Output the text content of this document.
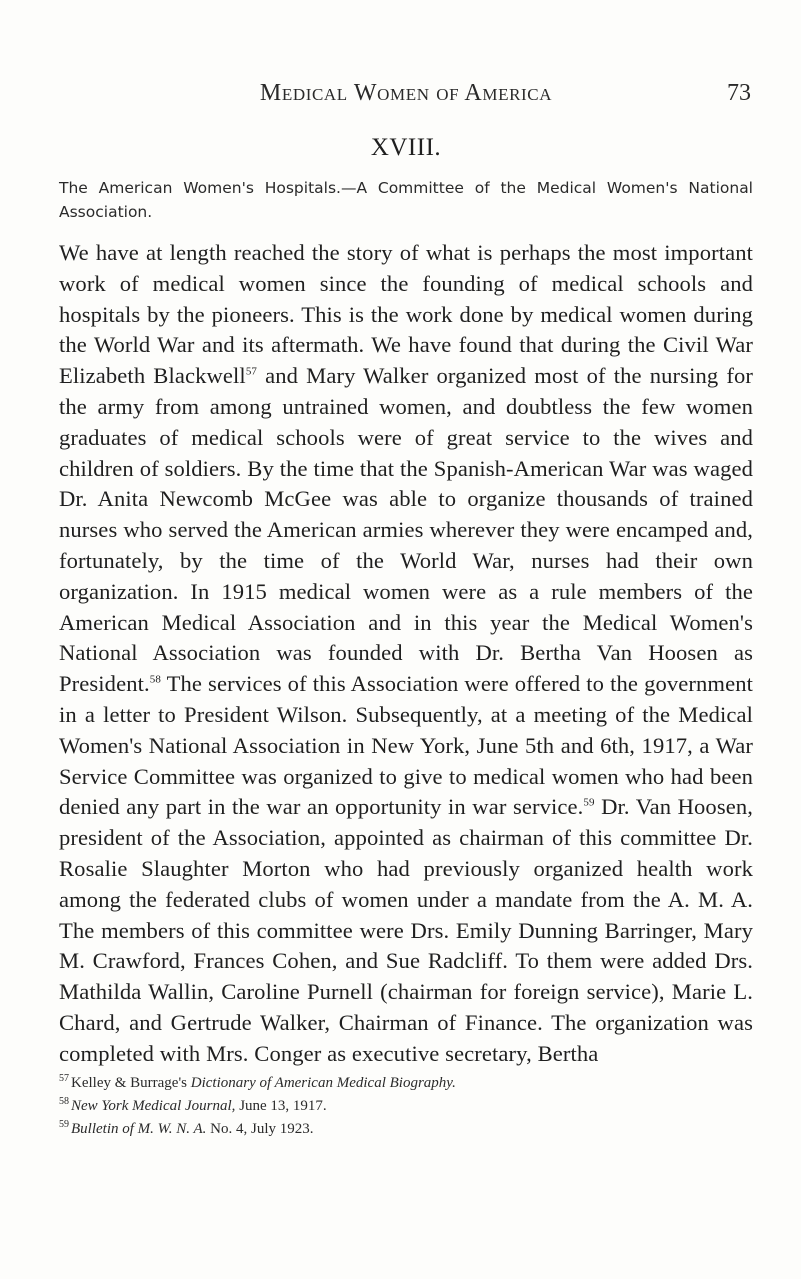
Medical Women of America	73
XVIII.
The American Women's Hospitals.—A Committee of the Medical Women's National Association.
We have at length reached the story of what is perhaps the most important work of medical women since the founding of medical schools and hospitals by the pioneers. This is the work done by medical women during the World War and its aftermath. We have found that during the Civil War Elizabeth Blackwell$^{57}$ and Mary Walker organized most of the nursing for the army from among untrained women, and doubtless the few women graduates of medical schools were of great service to the wives and children of soldiers. By the time that the Spanish-American War was waged Dr. Anita Newcomb McGee was able to organize thousands of trained nurses who served the American armies wherever they were encamped and, fortunately, by the time of the World War, nurses had their own organization. In 1915 medical women were as a rule members of the American Medical Association and in this year the Medical Women's National Association was founded with Dr. Bertha Van Hoosen as President.$^{58}$ The services of this Association were offered to the government in a letter to President Wilson. Subsequently, at a meeting of the Medical Women's National Association in New York, June 5th and 6th, 1917, a War Service Committee was organized to give to medical women who had been denied any part in the war an opportunity in war service.$^{59}$ Dr. Van Hoosen, president of the Association, appointed as chairman of this committee Dr. Rosalie Slaughter Morton who had previously organized health work among the federated clubs of women under a mandate from the A. M. A. The members of this committee were Drs. Emily Dunning Barringer, Mary M. Crawford, Frances Cohen, and Sue Radcliff. To them were added Drs. Mathilda Wallin, Caroline Purnell (chairman for foreign service), Marie L. Chard, and Gertrude Walker, Chairman of Finance. The organization was completed with Mrs. Conger as executive secretary, Bertha
$^{57}$ Kelley & Burrage's Dictionary of American Medical Biography.
$^{58}$ New York Medical Journal, June 13, 1917.
$^{59}$ Bulletin of M. W. N. A. No. 4, July 1923.
